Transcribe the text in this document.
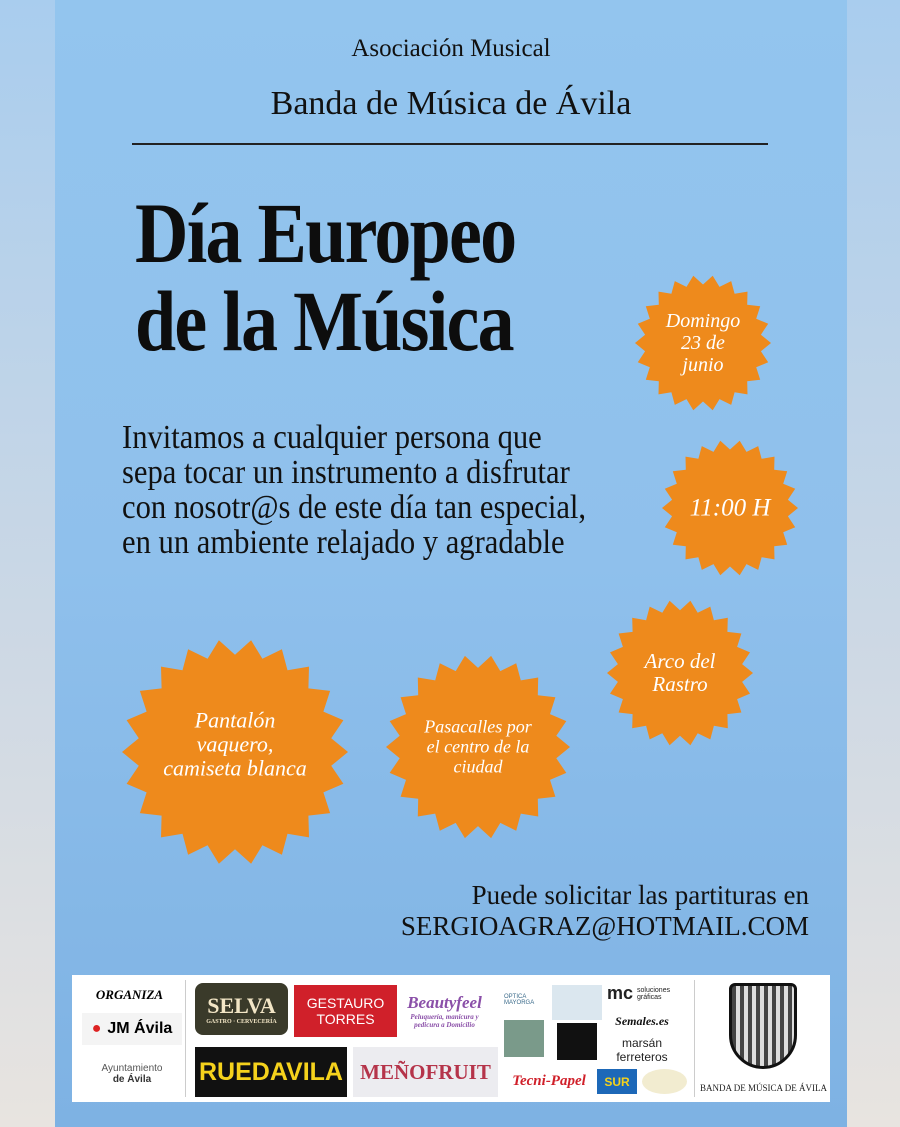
Asociación Musical
Banda de Música de Ávila
Día Europeo
de la Música
Invitamos a cualquier persona que
sepa tocar un instrumento a disfrutar
con nosotr@s de este día tan especial,
en un ambiente relajado y agradable
Domingo
23 de
junio
11:00 H
Arco del
Rastro
Pantalón
vaquero,
camiseta blanca
Pasacalles por
el centro de la
ciudad
Puede solicitar las partituras en
SERGIOAGRAZ@HOTMAIL.COM
ORGANIZA
● JM Ávila
Ayuntamiento
de Ávila
SELVA
GASTRO · CERVECERÍA
GESTAURO
TORRES
Beautyfeel
Peluquería, manicura y pedicura a Domicilio
RUEDAVILA MEÑOFRUIT
OPTICA MAYORGA	mc soluciones gráficas
Semales.es
marsán ferreteros
Tecni-Papel	SUR	BANDA DE MÚSICA DE ÁVILA
